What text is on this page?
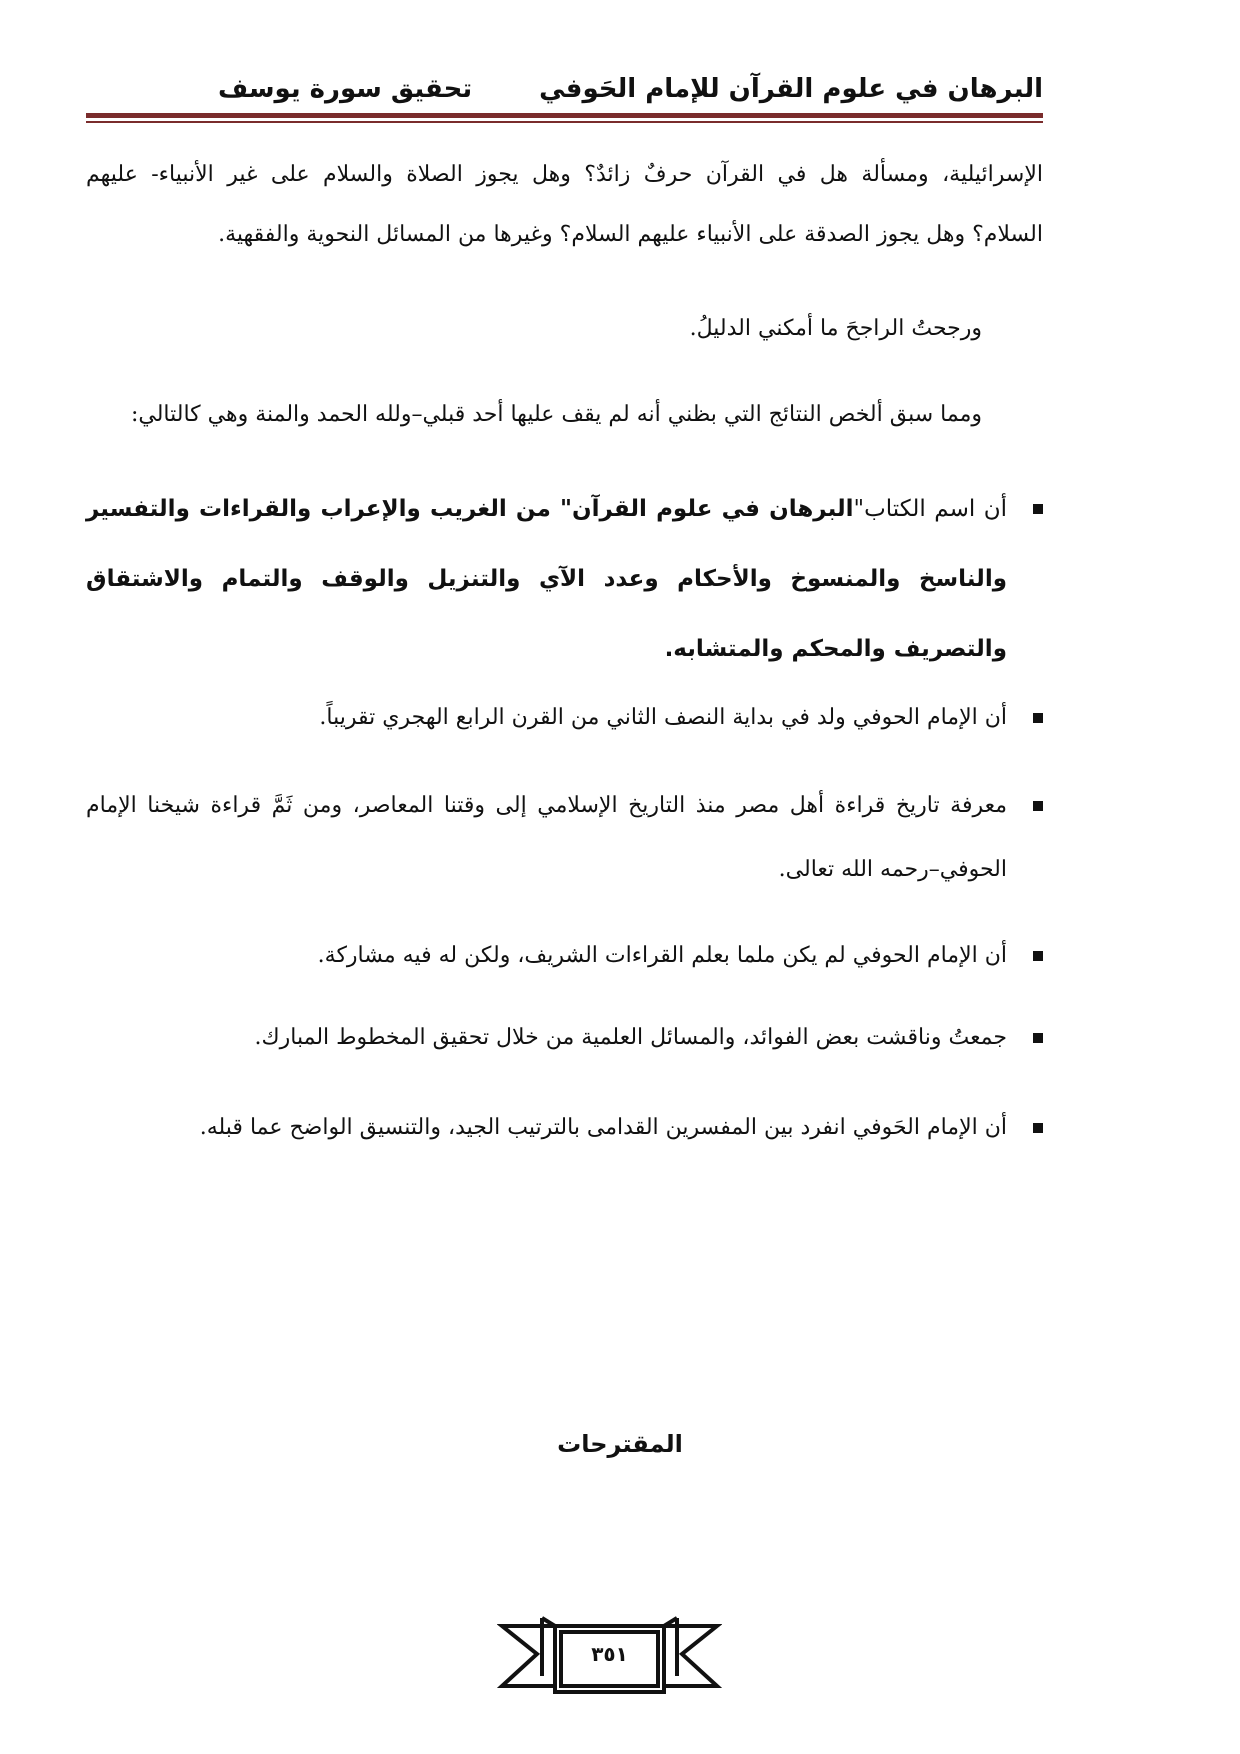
البرهان في علوم القرآن للإمام الحَوفي
تحقيق سورة يوسف
الإسرائيلية، ومسألة هل في القرآن حرفٌ زائدٌ؟ وهل يجوز الصلاة والسلام على غير الأنبياء- عليهم
السلام؟ وهل يجوز الصدقة على الأنبياء عليهم السلام؟ وغيرها من المسائل النحوية والفقهية.
ورجحتُ الراجحَ ما أمكني الدليلُ.
ومما سبق ألخص النتائج التي بظني أنه لم يقف عليها أحد قبلي–ولله الحمد والمنة وهي كالتالي:
أن اسم الكتاب"البرهان في علوم القرآن" من الغريب والإعراب والقراءات والتفسير والناسخ والمنسوخ والأحكام وعدد الآي والتنزيل والوقف والتمام والاشتقاق والتصريف والمحكم والمتشابه.
أن الإمام الحوفي ولد في بداية النصف الثاني من القرن الرابع الهجري تقريباً.
معرفة تاريخ قراءة أهل مصر منذ التاريخ الإسلامي إلى وقتنا المعاصر، ومن ثَمَّ قراءة شيخنا الإمام الحوفي–رحمه الله تعالى.
أن الإمام الحوفي لم يكن ملما بعلم القراءات الشريف، ولكن له فيه مشاركة.
جمعتُ وناقشت بعض الفوائد، والمسائل العلمية من خلال تحقيق المخطوط المبارك.
أن الإمام الحَوفي انفرد بين المفسرين القدامى بالترتيب الجيد، والتنسيق الواضح عما قبله.
المقترحات
٣٥١
